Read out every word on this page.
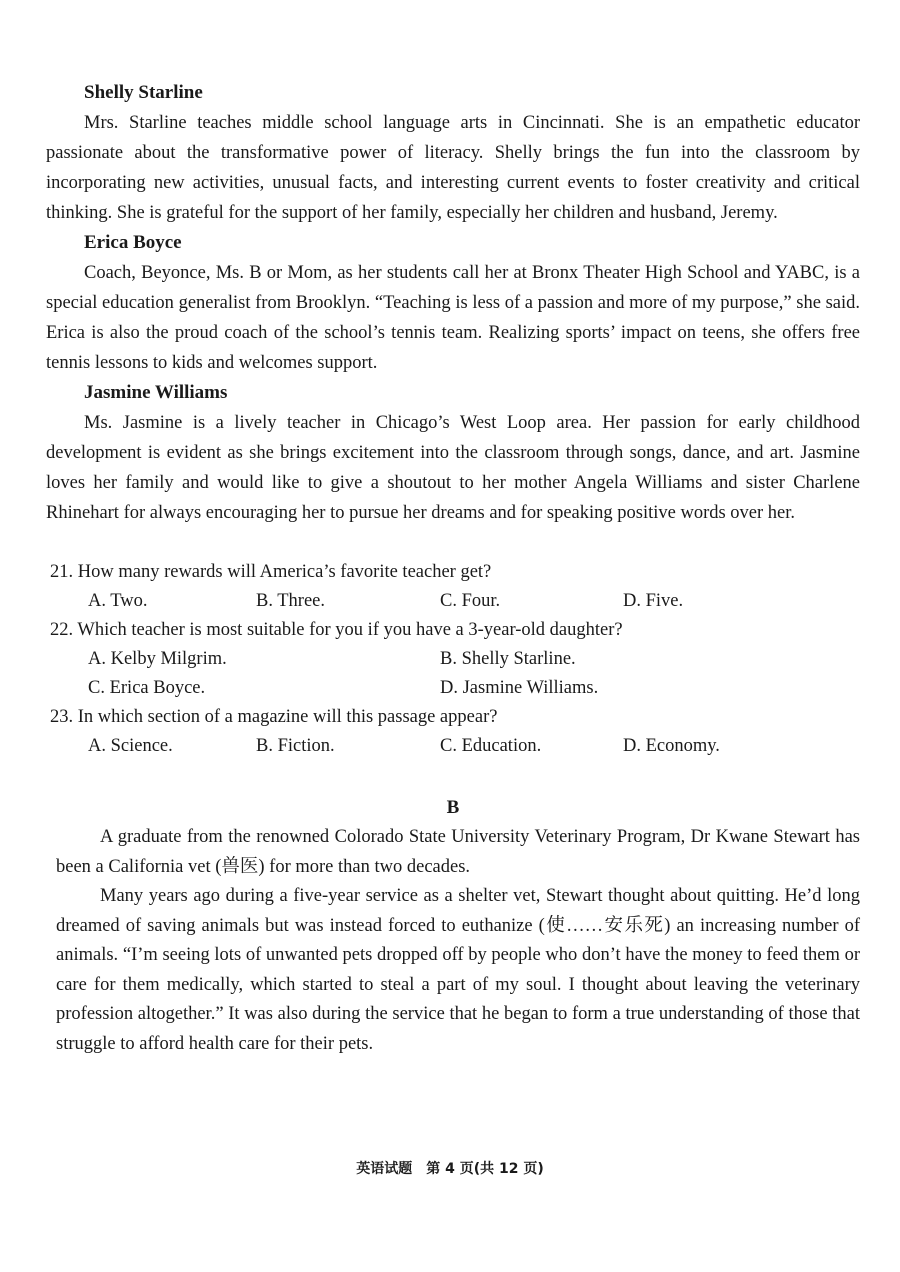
Shelly Starline

Mrs. Starline teaches middle school language arts in Cincinnati. She is an empathetic educator passionate about the transformative power of literacy. Shelly brings the fun into the classroom by incorporating new activities, unusual facts, and interesting current events to foster creativity and critical thinking. She is grateful for the support of her family, especially her children and husband, Jeremy.

Erica Boyce

Coach, Beyonce, Ms. B or Mom, as her students call her at Bronx Theater High School and YABC, is a special education generalist from Brooklyn. “Teaching is less of a passion and more of my purpose,” she said. Erica is also the proud coach of the school’s tennis team. Realizing sports’ impact on teens, she offers free tennis lessons to kids and welcomes support.

Jasmine Williams

Ms. Jasmine is a lively teacher in Chicago’s West Loop area. Her passion for early childhood development is evident as she brings excitement into the classroom through songs, dance, and art. Jasmine loves her family and would like to give a shoutout to her mother Angela Williams and sister Charlene Rhinehart for always encouraging her to pursue her dreams and for speaking positive words over her.

21. How many rewards will America’s favorite teacher get?
A. Two.	B. Three.	C. Four.	D. Five.
22. Which teacher is most suitable for you if you have a 3-year-old daughter?
A. Kelby Milgrim.	B. Shelly Starline.
C. Erica Boyce.	D. Jasmine Williams.
23. In which section of a magazine will this passage appear?
A. Science.	B. Fiction.	C. Education.	D. Economy.
B

A graduate from the renowned Colorado State University Veterinary Program, Dr Kwane Stewart has been a California vet (兽医) for more than two decades.

Many years ago during a five-year service as a shelter vet, Stewart thought about quitting. He’d long dreamed of saving animals but was instead forced to euthanize (使……安乐死) an increasing number of animals. “I’m seeing lots of unwanted pets dropped off by people who don’t have the money to feed them or care for them medically, which started to steal a part of my soul. I thought about leaving the veterinary profession altogether.” It was also during the service that he began to form a true understanding of those that struggle to afford health care for their pets.

英语试题　第 4 页(共 12 页)
